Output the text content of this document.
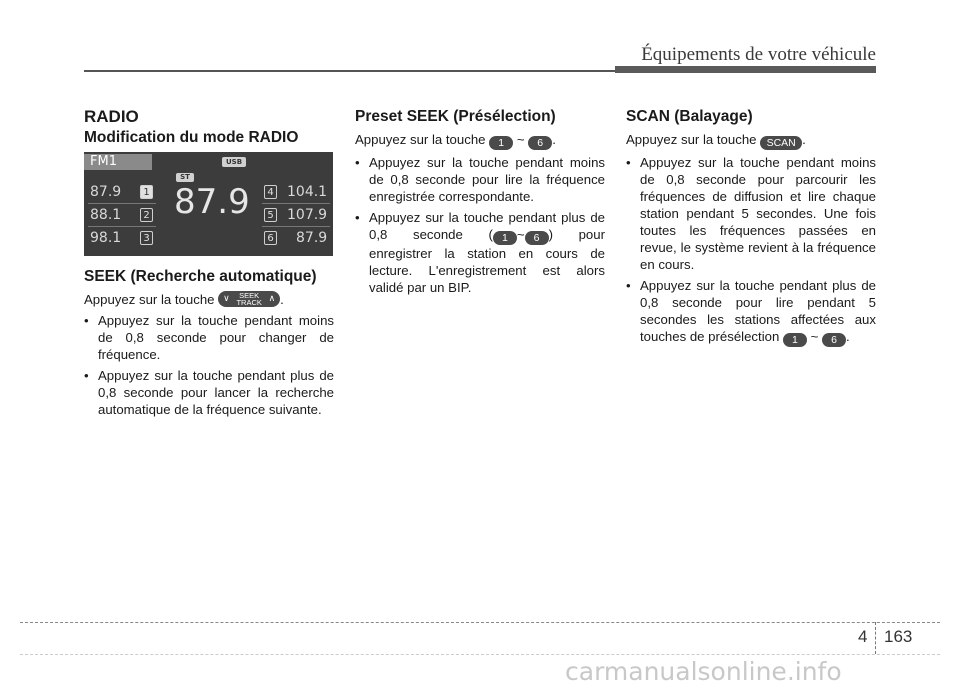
Équipements de votre véhicule
RADIO
Modification du mode RADIO
FM1	USB
ST
87.9
87.9	1
88.1	2
98.1	3
4 104.1
5 107.9
6 87.9
SEEK (Recherche automatique)

Appuyez sur la touche ∨	SEEK
TRACK ∧ .

• Appuyez sur la touche pendant moins de 0,8 seconde pour changer de fréquence.
• Appuyez sur la touche pendant plus de 0,8 seconde pour lancer la recherche automatique de la fréquence suivante.
Preset SEEK (Présélection)

Appuyez sur la touche 1 ~ 6 .

• Appuyez sur la touche pendant moins de 0,8 seconde pour lire la fréquence enregistrée correspondante.
• Appuyez sur la touche pendant plus de 0,8 seconde ( 1 ~ 6 ) pour enregistrer la station en cours de lecture. L'enregistrement est alors validé par un BIP.
SCAN (Balayage)

Appuyez sur la touche SCAN .

• Appuyez sur la touche pendant moins de 0,8 seconde pour parcourir les fréquences de diffusion et lire chaque station pendant 5 secondes. Une fois toutes les fréquences passées en revue, le système revient à la fréquence en cours.
• Appuyez sur la touche pendant plus de 0,8 seconde pour lire pendant 5 secondes les stations affectées aux touches de présélection 1 ~ 6 .
4 163
carmanualsonline.info
